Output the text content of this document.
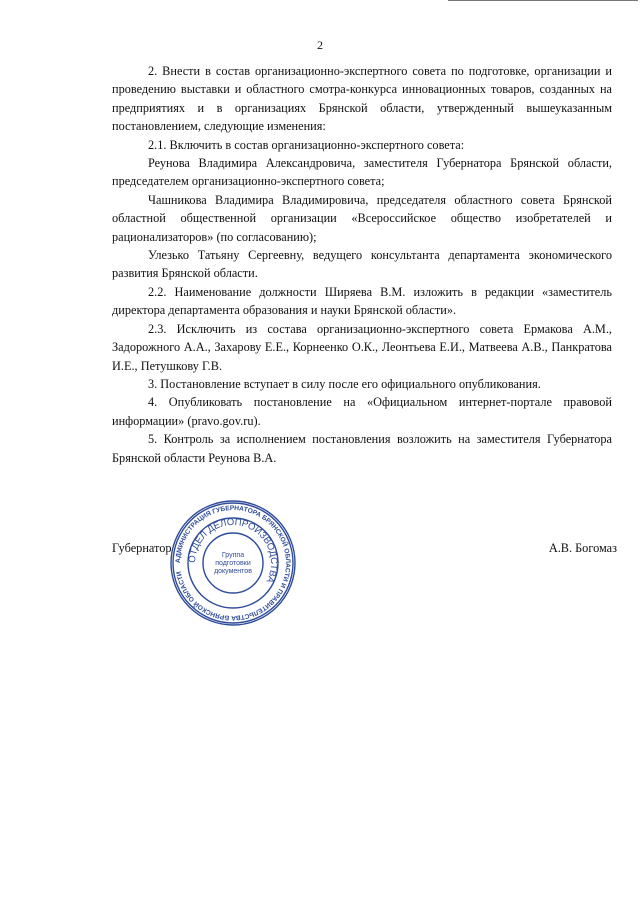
2

2. Внести в состав организационно-экспертного совета по подготовке, организации и проведению выставки и областного смотра-конкурса инновационных товаров, созданных на предприятиях и в организациях Брянской области, утвержденный вышеуказанным постановлением, следующие изменения:

2.1. Включить в состав организационно-экспертного совета:

Реунова Владимира Александровича, заместителя Губернатора Брянской области, председателем организационно-экспертного совета;

Чашникова Владимира Владимировича, председателя областного совета Брянской областной общественной организации «Всероссийское общество изобретателей и рационализаторов» (по согласованию);

Улезько Татьяну Сергеевну, ведущего консультанта департамента экономического развития Брянской области.

2.2. Наименование должности Ширяева В.М. изложить в редакции «заместитель директора департамента образования и науки Брянской области».

2.3. Исключить из состава организационно-экспертного совета Ермакова А.М., Задорожного А.А., Захарову Е.Е., Корнеенко О.К., Леонтьева Е.И., Матвеева А.В., Панкратова И.Е., Петушкову Г.В.

3. Постановление вступает в силу после его официального опубликования.

4. Опубликовать постановление на «Официальном интернет-портале правовой информации» (pravo.gov.ru).

5. Контроль за исполнением постановления возложить на заместителя Губернатора Брянской области Реунова В.А.

Губернатор	А.В. Богомаз
АДМИНИСТРАЦИЯ ГУБЕРНАТОРА БРЯНСКОЙ ОБЛАСТИ И ПРАВИТЕЛЬСТВА БРЯНСКОЙ ОБЛАСТИ
ОТДЕЛ ДЕЛОПРОИЗВОДСТВА
Группа
подготовки
документов
